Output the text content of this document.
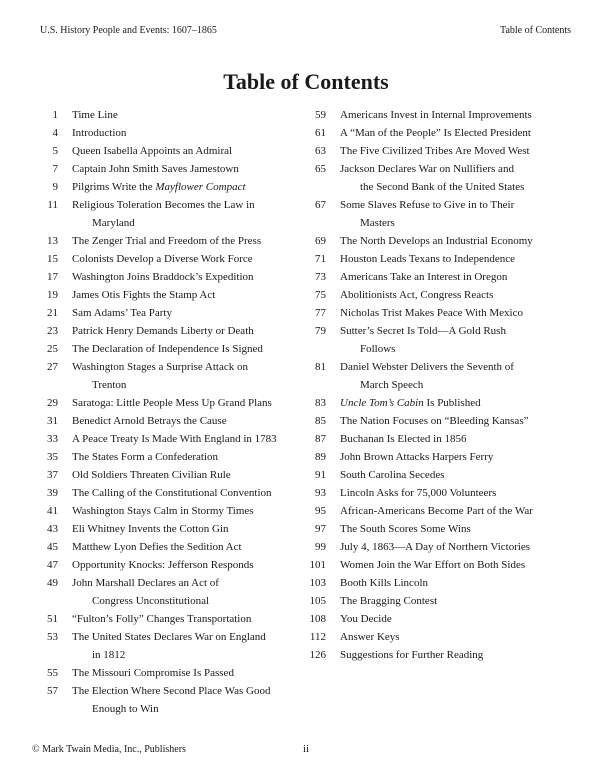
U.S. History People and Events: 1607–1865	Table of Contents
Table of Contents
1 Time Line
4 Introduction
5 Queen Isabella Appoints an Admiral
7 Captain John Smith Saves Jamestown
9 Pilgrims Write the Mayflower Compact
11 Religious Toleration Becomes the Law in
Maryland
13 The Zenger Trial and Freedom of the Press
15 Colonists Develop a Diverse Work Force
17 Washington Joins Braddock’s Expedition
19 James Otis Fights the Stamp Act
21 Sam Adams’ Tea Party
23 Patrick Henry Demands Liberty or Death
25 The Declaration of Independence Is Signed
27 Washington Stages a Surprise Attack on
Trenton
29 Saratoga: Little People Mess Up Grand Plans
31 Benedict Arnold Betrays the Cause
33 A Peace Treaty Is Made With England in 1783
35 The States Form a Confederation
37 Old Soldiers Threaten Civilian Rule
39 The Calling of the Constitutional Convention
41 Washington Stays Calm in Stormy Times
43 Eli Whitney Invents the Cotton Gin
45 Matthew Lyon Defies the Sedition Act
47 Opportunity Knocks: Jefferson Responds
49 John Marshall Declares an Act of
Congress Unconstitutional
51 “Fulton’s Folly” Changes Transportation
53 The United States Declares War on England
in 1812
55 The Missouri Compromise Is Passed
57 The Election Where Second Place Was Good
Enough to Win
59 Americans Invest in Internal Improvements
61 A “Man of the People” Is Elected President
63 The Five Civilized Tribes Are Moved West
65 Jackson Declares War on Nullifiers and
the Second Bank of the United States
67 Some Slaves Refuse to Give in to Their
Masters
69 The North Develops an Industrial Economy
71 Houston Leads Texans to Independence
73 Americans Take an Interest in Oregon
75 Abolitionists Act, Congress Reacts
77 Nicholas Trist Makes Peace With Mexico
79 Sutter’s Secret Is Told—A Gold Rush
Follows
81 Daniel Webster Delivers the Seventh of
March Speech
83 Uncle Tom’s Cabin Is Published
85 The Nation Focuses on “Bleeding Kansas”
87 Buchanan Is Elected in 1856
89 John Brown Attacks Harpers Ferry
91 South Carolina Secedes
93 Lincoln Asks for 75,000 Volunteers
95 African-Americans Become Part of the War
97 The South Scores Some Wins
99 July 4, 1863—A Day of Northern Victories
101 Women Join the War Effort on Both Sides
103 Booth Kills Lincoln
105 The Bragging Contest
108 You Decide
112 Answer Keys
126 Suggestions for Further Reading
© Mark Twain Media, Inc., Publishers	ii
